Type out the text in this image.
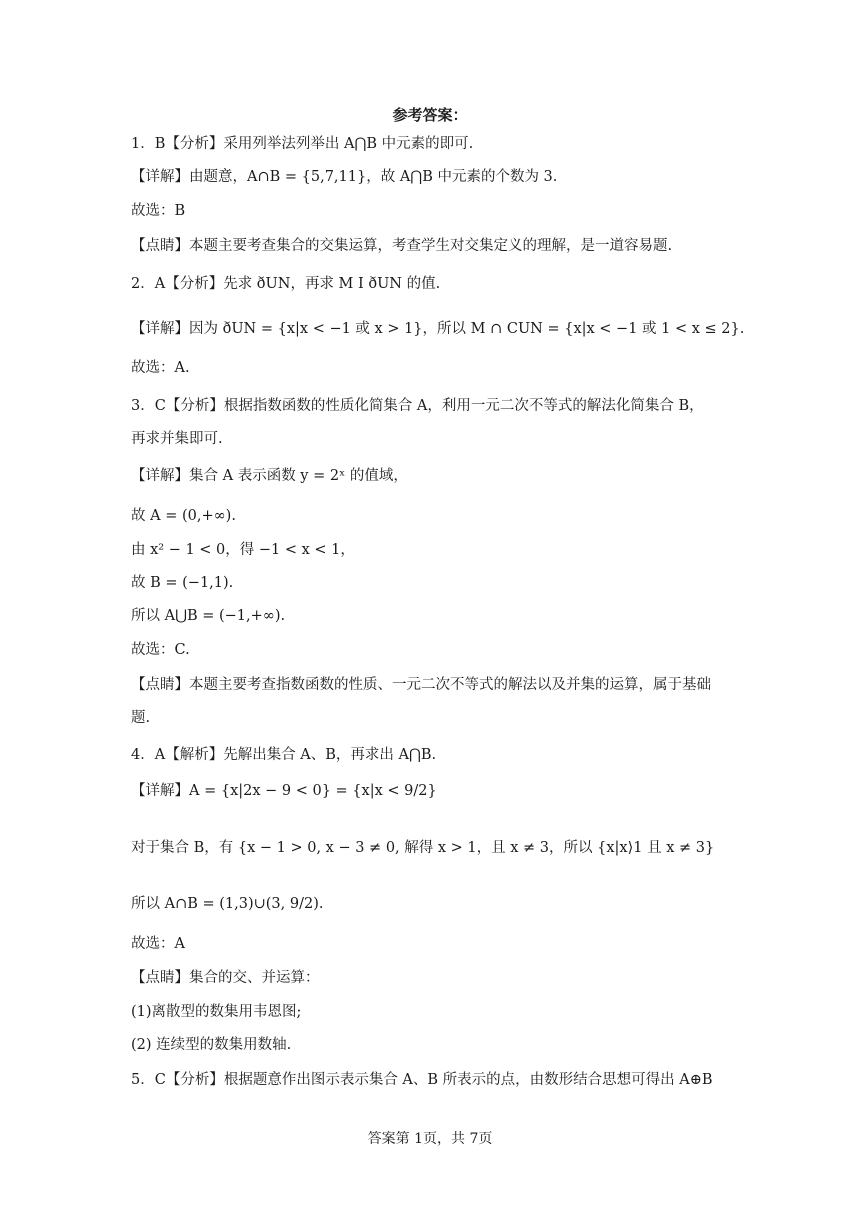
参考答案：
1．B【分析】采用列举法列举出 A⋂B 中元素的即可.
【详解】由题意，A∩B = {5,7,11}，故 A⋂B 中元素的个数为 3.
故选：B
【点睛】本题主要考查集合的交集运算，考查学生对交集定义的理解，是一道容易题.
2．A【分析】先求 ðUN，再求 M Ι ðUN 的值.
【详解】因为 ðUN = {x|x < −1 或 x > 1}，所以 M ∩ CUN = {x|x < −1 或 1 < x ≤ 2}.
故选：A.
3．C【分析】根据指数函数的性质化简集合 A，利用一元二次不等式的解法化简集合 B，
再求并集即可.
【详解】集合 A 表示函数 y = 2ˣ 的值域，
故 A = (0,+∞).
由 x² − 1 < 0，得 −1 < x < 1，
故 B = (−1,1).
所以 A⋃B = (−1,+∞).
故选：C.
【点睛】本题主要考查指数函数的性质、一元二次不等式的解法以及并集的运算，属于基础
题.
4．A【解析】先解出集合 A、B，再求出 A⋂B.
【详解】A = {x|2x − 9 < 0} = {x|x < 9/2}
对于集合 B，有 {x − 1 > 0, x − 3 ≠ 0, 解得 x > 1，且 x ≠ 3，所以 {x|x⟩1 且 x ≠ 3}
所以 A∩B = (1,3)∪(3, 9/2).
故选：A
【点睛】集合的交、并运算：
(1)离散型的数集用韦恩图;
(2) 连续型的数集用数轴.
5．C【分析】根据题意作出图示表示集合 A、B 所表示的点，由数形结合思想可得出 A⊕B
答案第 1页，共 7页
